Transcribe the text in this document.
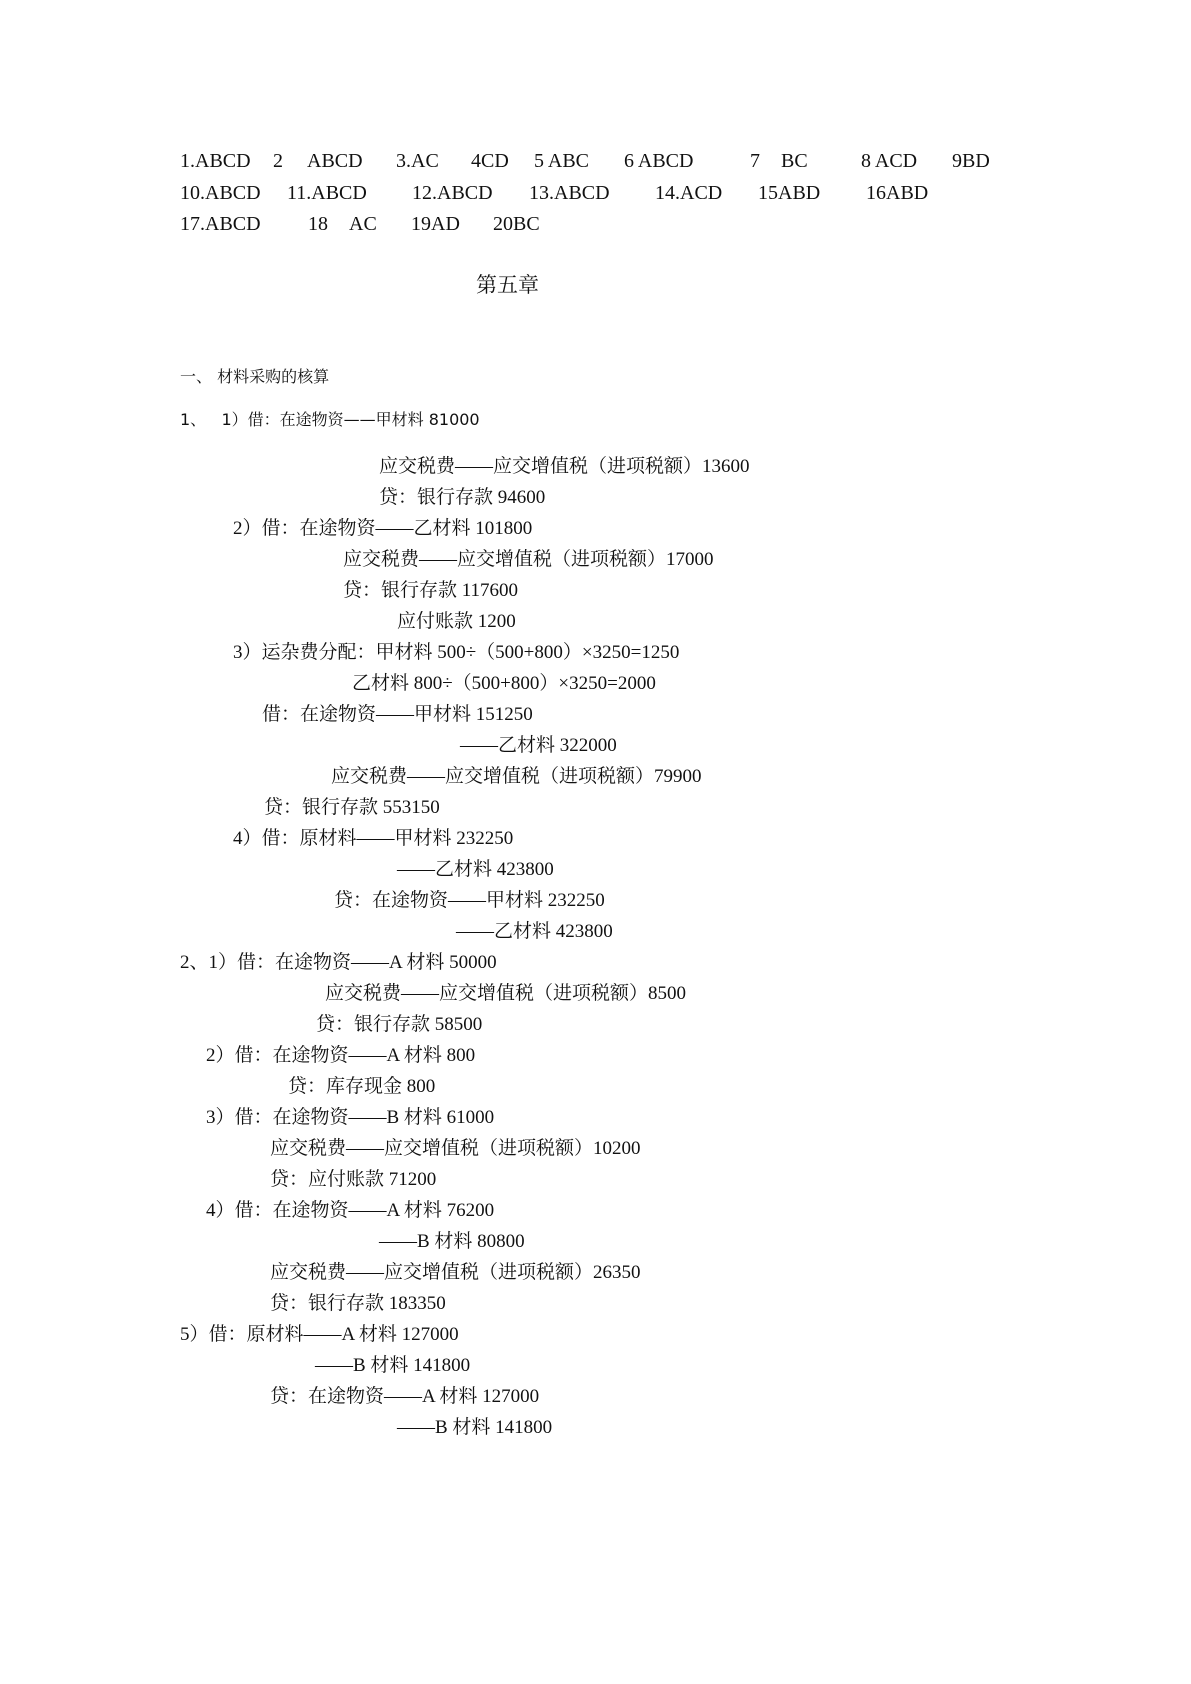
1.ABCD 2 ABCD 3.AC 4CD 5 ABC 6 ABCD	7 BC	8 ACD 9BD
10.ABCD 11.ABCD 12.ABCD 13.ABCD 14.ACD 15ABD 16ABD
17.ABCD 18 AC 19AD 20BC
第五章
一、 材料采购的核算
1、   1）借：在途物资——甲材料 81000
应交税费——应交增值税（进项税额）13600
贷：银行存款 94600
2）借：在途物资——乙材料 101800
应交税费——应交增值税（进项税额）17000
贷：银行存款 117600
应付账款 1200
3）运杂费分配：甲材料 500÷（500+800）×3250=1250
乙材料 800÷（500+800）×3250=2000
借：在途物资——甲材料 151250
——乙材料 322000
应交税费——应交增值税（进项税额）79900
贷：银行存款 553150
4）借：原材料——甲材料 232250
——乙材料 423800
贷：在途物资——甲材料 232250
——乙材料 423800
2、1）借：在途物资——A 材料 50000
应交税费——应交增值税（进项税额）8500
贷：银行存款 58500
2）借：在途物资——A 材料 800
贷：库存现金 800
3）借：在途物资——B 材料 61000
应交税费——应交增值税（进项税额）10200
贷：应付账款 71200
4）借：在途物资——A 材料 76200
——B 材料 80800
应交税费——应交增值税（进项税额）26350
贷：银行存款 183350
5）借：原材料——A 材料 127000
——B 材料 141800
贷：在途物资——A 材料 127000
——B 材料 141800
